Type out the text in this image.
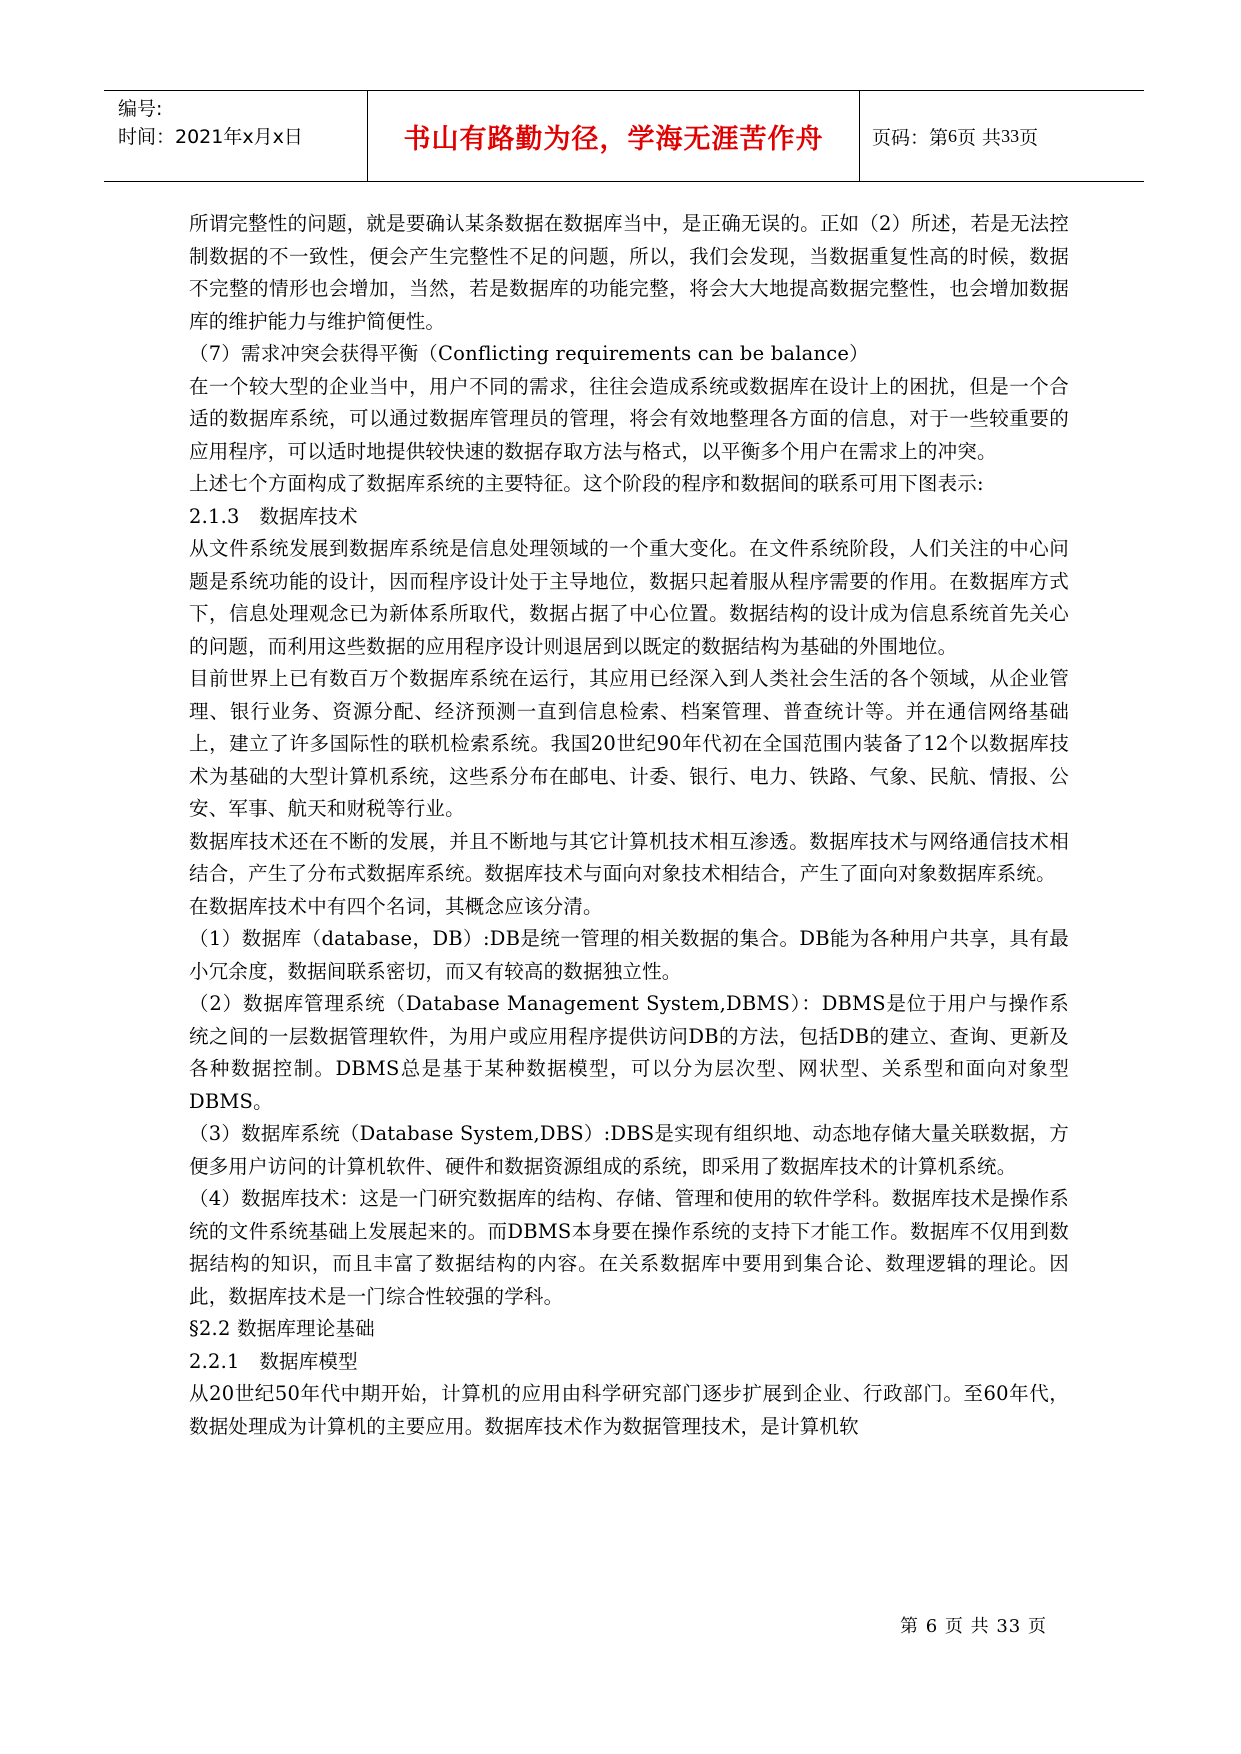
编号:
时间：2021年x月x日	书山有路勤为径，学海无涯苦作舟	页码：第 6 页 共 33 页

所谓完整性的问题，就是要确认某条数据在数据库当中，是正确无误的。正如（2）所述，若是无法控制数据的不一致性，便会产生完整性不足的问题，所以，我们会发现，当数据重复性高的时候，数据不完整的情形也会增加，当然，若是数据库的功能完整，将会大大地提高数据完整性，也会增加数据库的维护能力与维护简便性。

（7）需求冲突会获得平衡（Conflicting requirements can be balance）

在一个较大型的企业当中，用户不同的需求，往往会造成系统或数据库在设计上的困扰，但是一个合适的数据库系统，可以通过数据库管理员的管理，将会有效地整理各方面的信息，对于一些较重要的应用程序，可以适时地提供较快速的数据存取方法与格式，以平衡多个用户在需求上的冲突。

上述七个方面构成了数据库系统的主要特征。这个阶段的程序和数据间的联系可用下图表示:

2.1.3　数据库技术

从文件系统发展到数据库系统是信息处理领域的一个重大变化。在文件系统阶段，人们关注的中心问题是系统功能的设计，因而程序设计处于主导地位，数据只起着服从程序需要的作用。在数据库方式下，信息处理观念已为新体系所取代，数据占据了中心位置。数据结构的设计成为信息系统首先关心的问题，而利用这些数据的应用程序设计则退居到以既定的数据结构为基础的外围地位。

目前世界上已有数百万个数据库系统在运行，其应用已经深入到人类社会生活的各个领域，从企业管理、银行业务、资源分配、经济预测一直到信息检索、档案管理、普查统计等。并在通信网络基础上，建立了许多国际性的联机检索系统。我国20世纪90年代初在全国范围内装备了12个以数据库技术为基础的大型计算机系统，这些系分布在邮电、计委、银行、电力、铁路、气象、民航、情报、公安、军事、航天和财税等行业。

数据库技术还在不断的发展，并且不断地与其它计算机技术相互渗透。数据库技术与网络通信技术相结合，产生了分布式数据库系统。数据库技术与面向对象技术相结合，产生了面向对象数据库系统。

在数据库技术中有四个名词，其概念应该分清。

（1）数据库（database，DB）:DB是统一管理的相关数据的集合。DB能为各种用户共享，具有最小冗余度，数据间联系密切，而又有较高的数据独立性。

（2）数据库管理系统（Database Management System,DBMS）：DBMS是位于用户与操作系统之间的一层数据管理软件，为用户或应用程序提供访问DB的方法，包括DB的建立、查询、更新及各种数据控制。DBMS总是基于某种数据模型，可以分为层次型、网状型、关系型和面向对象型DBMS。

（3）数据库系统（Database System,DBS）:DBS是实现有组织地、动态地存储大量关联数据，方便多用户访问的计算机软件、硬件和数据资源组成的系统，即采用了数据库技术的计算机系统。

（4）数据库技术：这是一门研究数据库的结构、存储、管理和使用的软件学科。数据库技术是操作系统的文件系统基础上发展起来的。而DBMS本身要在操作系统的支持下才能工作。数据库不仅用到数据结构的知识，而且丰富了数据结构的内容。在关系数据库中要用到集合论、数理逻辑的理论。因此，数据库技术是一门综合性较强的学科。

§2.2 数据库理论基础

2.2.1　数据库模型

从20世纪50年代中期开始，计算机的应用由科学研究部门逐步扩展到企业、行政部门。至60年代，数据处理成为计算机的主要应用。数据库技术作为数据管理技术，是计算机软

第 6 页 共 33 页
